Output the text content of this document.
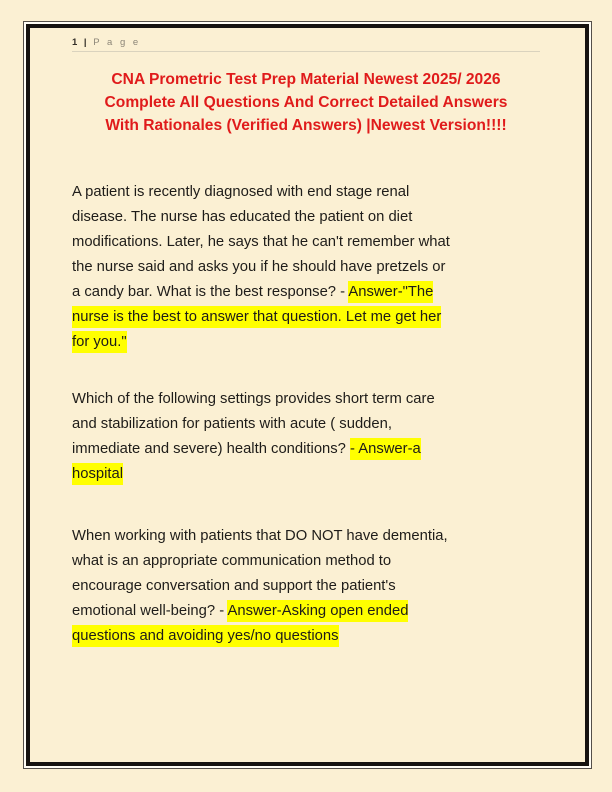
1 | P a g e
CNA Prometric Test Prep Material Newest 2025/ 2026
Complete All Questions And Correct Detailed Answers
With Rationales (Verified Answers) |Newest Version!!!!
A patient is recently diagnosed with end stage renal
disease. The nurse has educated the patient on diet
modifications. Later, he says that he can't remember what
the nurse said and asks you if he should have pretzels or
a candy bar. What is the best response? - Answer-"The
nurse is the best to answer that question. Let me get her
for you."
Which of the following settings provides short term care
and stabilization for patients with acute ( sudden,
immediate and severe) health conditions? - Answer-a
hospital
When working with patients that DO NOT have dementia,
what is an appropriate communication method to
encourage conversation and support the patient's
emotional well-being? - Answer-Asking open ended
questions and avoiding yes/no questions
